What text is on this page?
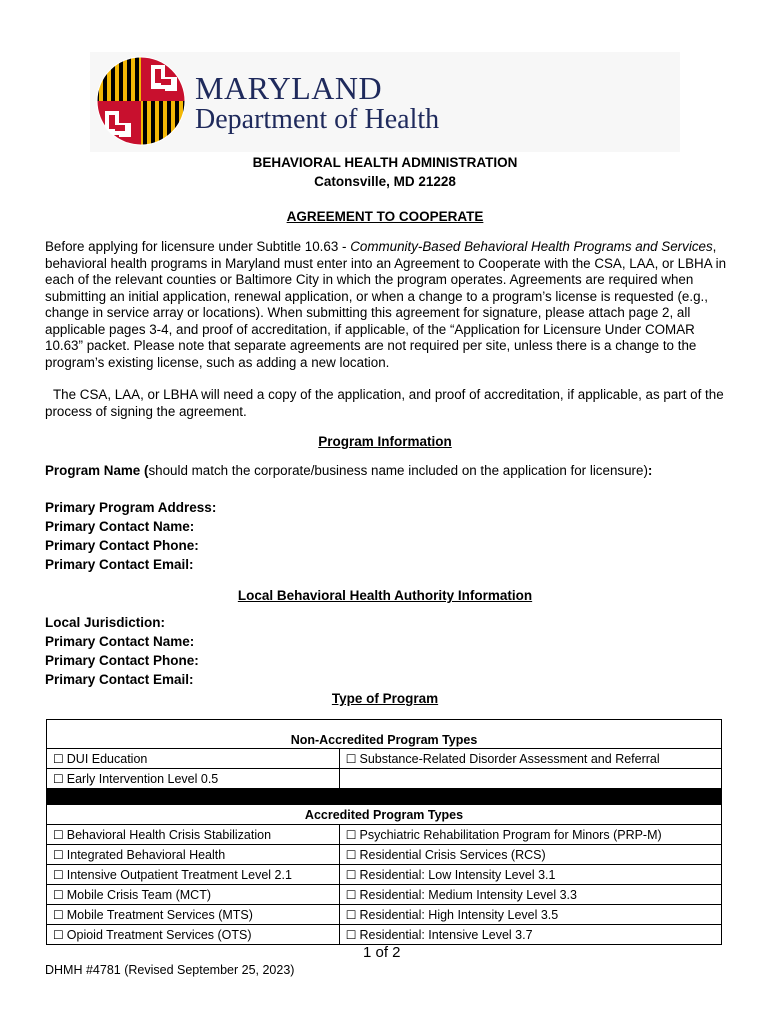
MARYLAND
Department of Health
BEHAVIORAL HEALTH ADMINISTRATION
Catonsville, MD 21228
AGREEMENT TO COOPERATE
Before applying for licensure under Subtitle 10.63 - Community-Based Behavioral Health Programs and Services, behavioral health programs in Maryland must enter into an Agreement to Cooperate with the CSA, LAA, or LBHA in each of the relevant counties or Baltimore City in which the program operates. Agreements are required when submitting an initial application, renewal application, or when a change to a program’s license is requested (e.g., change in service array or locations). When submitting this agreement for signature, please attach page 2, all applicable pages 3-4, and proof of accreditation, if applicable, of the “Application for Licensure Under COMAR 10.63” packet. Please note that separate agreements are not required per site, unless there is a change to the program’s existing license, such as adding a new location.
The CSA, LAA, or LBHA will need a copy of the application, and proof of accreditation, if applicable, as part of the process of signing the agreement.
Program Information
Program Name (should match the corporate/business name included on the application for licensure):
Primary Program Address:
Primary Contact Name:
Primary Contact Phone:
Primary Contact Email:
Local Behavioral Health Authority Information
Local Jurisdiction:
Primary Contact Name:
Primary Contact Phone:
Primary Contact Email:
Type of Program
Non-Accredited Program Types	
☐ DUI Education	☐ Substance-Related Disorder Assessment and Referral
☐ Early Intervention Level 0.5	

Accredited Program Types	
☐ Behavioral Health Crisis Stabilization	☐ Psychiatric Rehabilitation Program for Minors (PRP-M)
☐ Integrated Behavioral Health	☐ Residential Crisis Services (RCS)
☐ Intensive Outpatient Treatment Level 2.1	☐ Residential: Low Intensity Level 3.1
☐ Mobile Crisis Team (MCT)	☐ Residential: Medium Intensity Level 3.3
☐ Mobile Treatment Services (MTS)	☐ Residential: High Intensity Level 3.5
☐ Opioid Treatment Services (OTS)	☐ Residential: Intensive Level 3.7
1 of 2
DHMH #4781 (Revised September 25, 2023)
